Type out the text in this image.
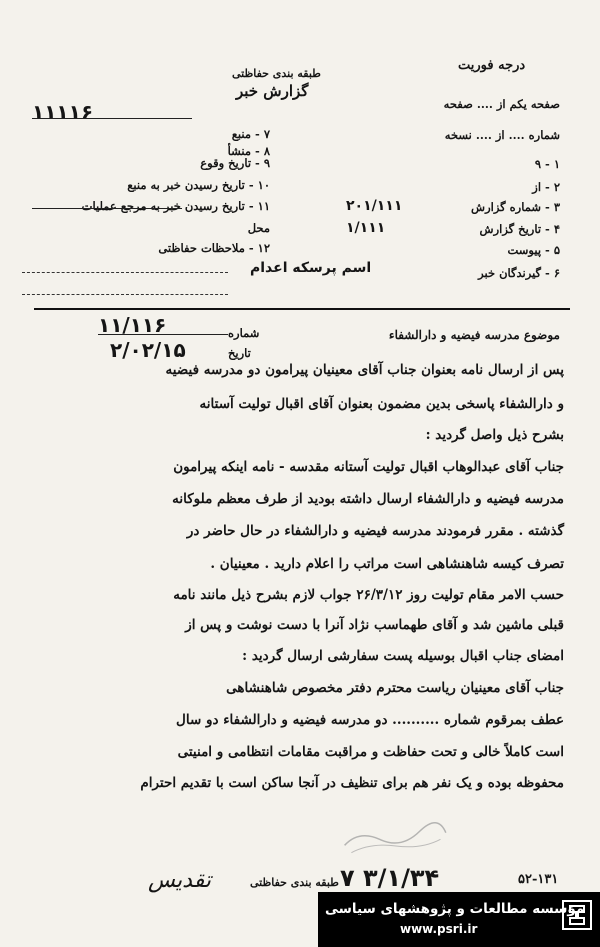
درجه فوریت
طبقه بندی حفاظتی
گزارش خبر
صفحه یکم از .... صفحه
شماره .... از .... نسخه
۱ - ۹
۲ - از
۳ - شماره گزارش
۴ - تاریخ گزارش
۵ - پیوست
۶ - گیرندگان خبر
۷ - منبع
۸ - منشأ
۹ - تاریخ وقوع
۱۰ - تاریخ رسیدن خبر به منبع
۱۱ - تاریخ رسیدن خبر به مرجع عملیات
محل
۱۲ - ملاحظات حفاظتی
۱۱۱۱۶
۲۰۱/۱۱۱
۱/۱۱۱
اسم پرسکه اعدام
موضوع مدرسه فیضیه و دارالشفاء
شماره
تاریخ
۱۱/۱۱۶
۲/۰۲/۱۵
پس از ارسال نامه بعنوان جناب آقای معینیان پیرامون دو مدرسه فیضیه
و دارالشفاء پاسخی بدین مضمون بعنوان آقای اقبال تولیت آستانه
بشرح ذیل واصل گردید :
جناب آقای عبدالوهاب اقبال تولیت آستانه مقدسه - نامه اینکه پیرامون
مدرسه فیضیه و دارالشفاء ارسال داشته بودید از طرف معظم ملوکانه
گذشته . مقرر فرمودند مدرسه فیضیه و دارالشفاء در حال حاضر در
تصرف کیسه شاهنشاهی است مراتب را اعلام دارید . معینیان .
حسب الامر مقام تولیت روز ۲۶/۳/۱۲ جواب لازم بشرح ذیل مانند نامه
قبلی ماشین شد و آقای طهماسب نژاد آنرا با دست نوشت و پس از
امضای جناب اقبال بوسیله پست سفارشی ارسال گردید :
جناب آقای معینیان ریاست محترم دفتر مخصوص شاهنشاهی
عطف بمرقوم شماره .......... دو مدرسه فیضیه و دارالشفاء دو سال
است کاملاً خالی و تحت حفاظت و مراقبت مقامات انتظامی و امنیتی
محفوظه بوده و یک نفر هم برای تنظیف در آنجا ساکن است با تقدیم احترام
۵۲-۱۳۱
طبقه بندی حفاظتی ۷ ۳/۱/۳۴
تقدیس
مؤسسه مطالعات و پژوهشهای سیاسی
www.psri.ir
